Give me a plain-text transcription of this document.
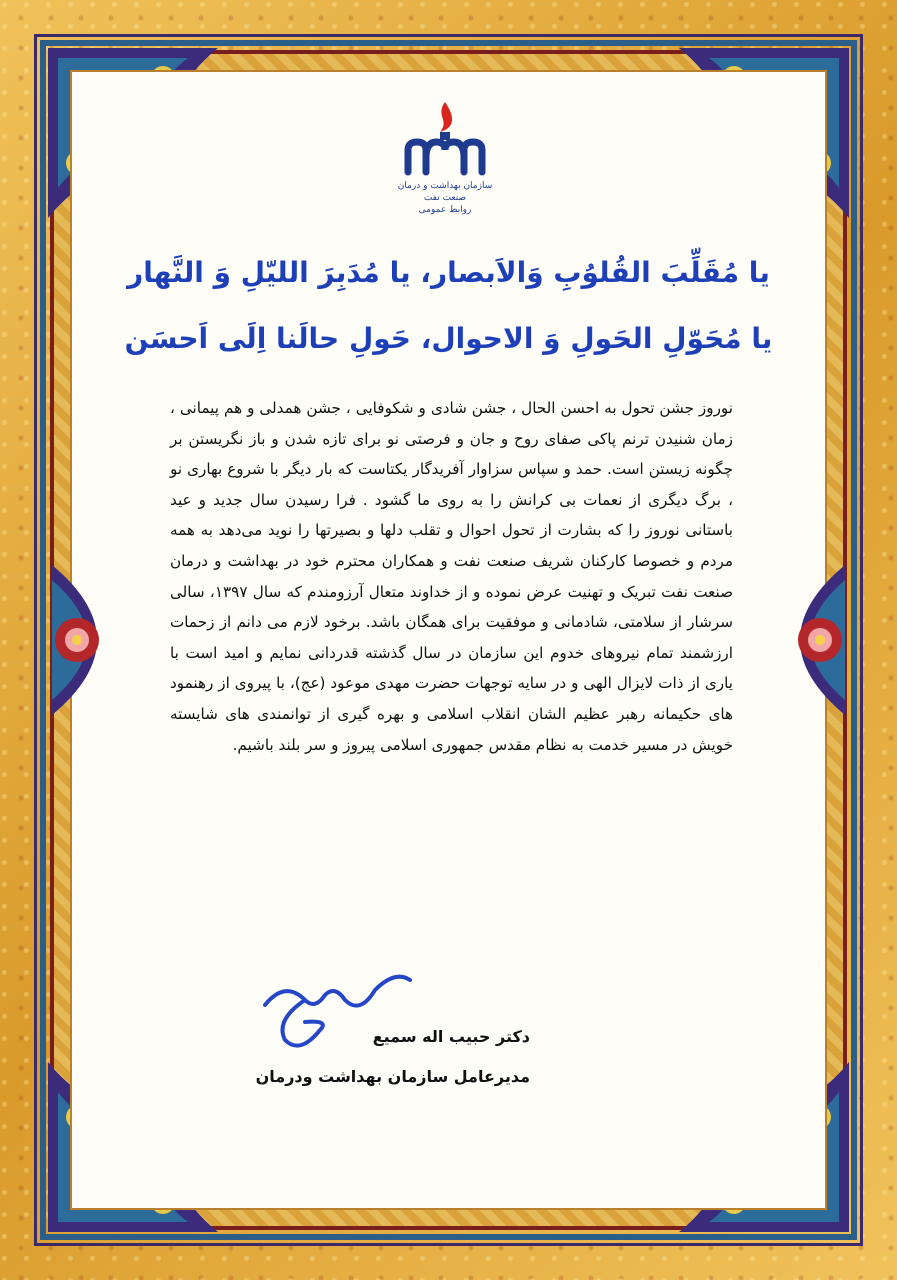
سازمان بهداشت و درمان صنعت نفت
روابط عمومی
یا مُقَلِّبَ القُلوُبِ وَالاَبصار، یا مُدَبِرَ اللیّلِ وَ النَّهار
یا مُحَوّلِ الحَولِ وَ الاحوال، حَولِ حالَنا اِلَی اَحسَن
نوروز جشن تحول به احسن الحال ، جشن شادی و شکوفایی ، جشن همدلی و هم پیمانی ، زمان شنیدن ترنم پاکی صفای روح و جان و فرصتی نو برای تازه شدن و باز نگریستن بر چگونه زیستن است. حمد و سپاس سزاوار آفریدگار یکتاست که بار دیگر با شروع بهاری نو ، برگ دیگری از نعمات بی کرانش را به روی ما گشود . فرا رسیدن سال جدید و عید باستانی نوروز را که بشارت از تحول احوال و تقلب دلها و بصیرتها را نوید می‌دهد به همه مردم و خصوصا کارکنان شریف صنعت نفت و همکاران محترم خود در بهداشت و درمان صنعت نفت تبریک و تهنیت عرض نموده و از خداوند متعال آرزومندم که سال ۱۳۹۷، سالی سرشار از سلامتی، شادمانی و موفقیت برای همگان باشد. برخود لازم می دانم از زحمات ارزشمند تمام نیروهای خدوم این سازمان در سال گذشته قدردانی نمایم و امید است با یاری از ذات لایزال الهی و در سایه توجهات حضرت مهدی موعود (عج)، با پیروی از رهنمود های حکیمانه رهبر عظیم الشان انقلاب اسلامی و بهره گیری از توانمندی های شایسته خویش در مسیر خدمت به نظام مقدس جمهوری اسلامی پیروز و سر بلند باشیم.
دکتر حبیب اله سمیع
مدیرعامل سازمان بهداشت ودرمان
